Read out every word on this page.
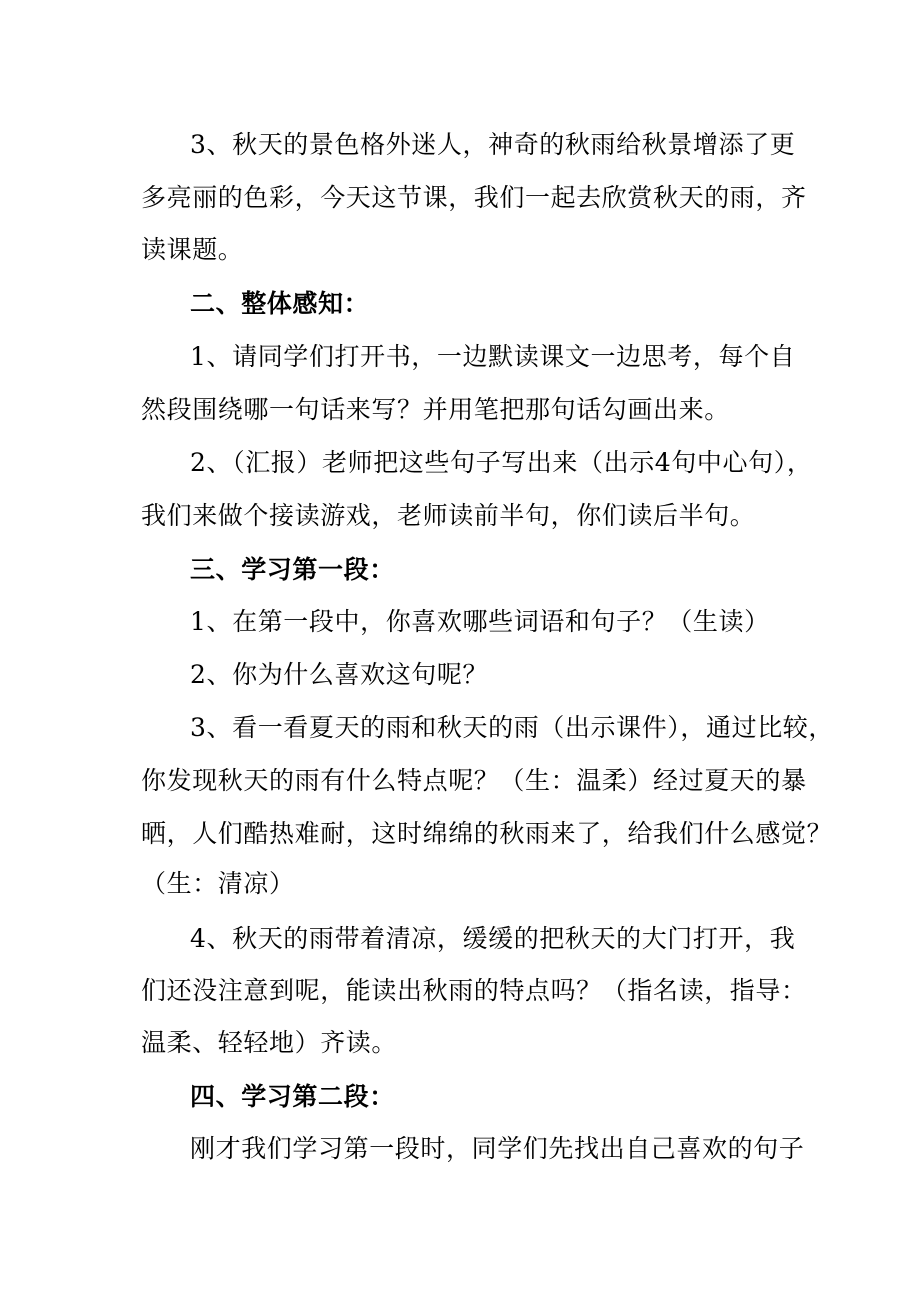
3、秋天的景色格外迷人，神奇的秋雨给秋景增添了更
多亮丽的色彩，今天这节课，我们一起去欣赏秋天的雨，齐
读课题。
二、整体感知：
1、请同学们打开书，一边默读课文一边思考，每个自
然段围绕哪一句话来写？并用笔把那句话勾画出来。
2、（汇报）老师把这些句子写出来（出示4句中心句），
我们来做个接读游戏，老师读前半句，你们读后半句。
三、学习第一段：
1、在第一段中，你喜欢哪些词语和句子？（生读）
2、你为什么喜欢这句呢？
3、看一看夏天的雨和秋天的雨（出示课件），通过比较，
你发现秋天的雨有什么特点呢？（生：温柔）经过夏天的暴
晒，人们酷热难耐，这时绵绵的秋雨来了，给我们什么感觉？
（生：清凉）
4、秋天的雨带着清凉，缓缓的把秋天的大门打开，我
们还没注意到呢，能读出秋雨的特点吗？（指名读，指导：
温柔、轻轻地）齐读。
四、学习第二段：
刚才我们学习第一段时，同学们先找出自己喜欢的句子
